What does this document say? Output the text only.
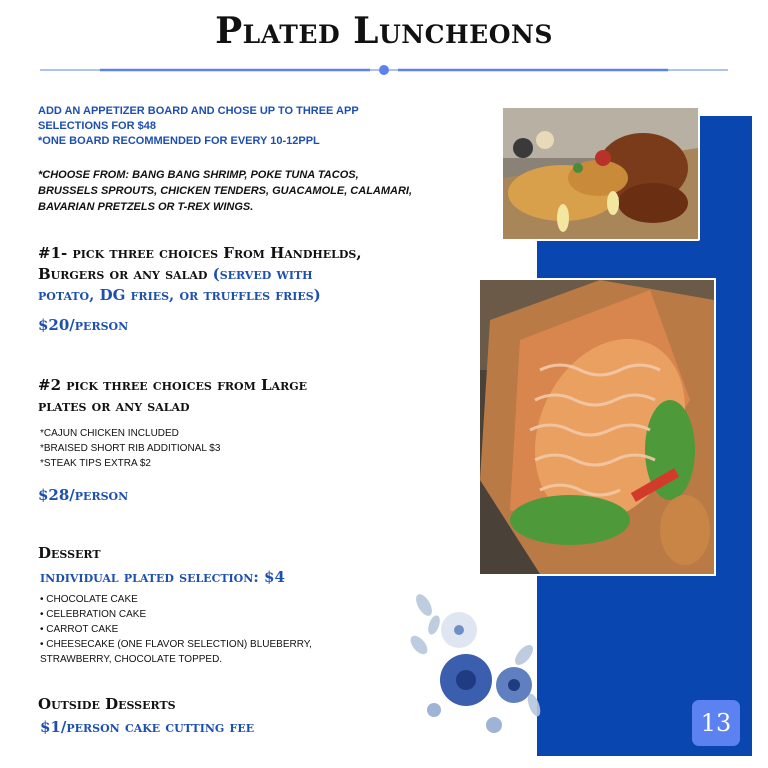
Plated Luncheons
ADD AN APPETIZER BOARD AND CHOSE UP TO THREE APP
SELECTIONS FOR $48
*ONE BOARD RECOMMENDED FOR EVERY 10-12PPL
*CHOOSE FROM: BANG BANG SHRIMP, POKE TUNA TACOS,
BRUSSELS SPROUTS, CHICKEN TENDERS, GUACAMOLE, CALAMARI,
BAVARIAN PRETZELS OR T-REX WINGS.
#1- pick three choices From Handhelds,
Burgers or any salad (served with
potato, DG fries, or truffles fries)
$20/person
#2 pick three choices from Large
plates or any salad
*CAJUN CHICKEN INCLUDED
*BRAISED SHORT RIB ADDITIONAL $3
*STEAK TIPS EXTRA $2
$28/person
Dessert
individual plated selection: $4
• CHOCOLATE CAKE
• CELEBRATION CAKE
• CARROT CAKE
• CHEESECAKE (ONE FLAVOR SELECTION) BLUEBERRY,
STRAWBERRY, CHOCOLATE TOPPED.
Outside Desserts
$1/person cake cutting fee	13
